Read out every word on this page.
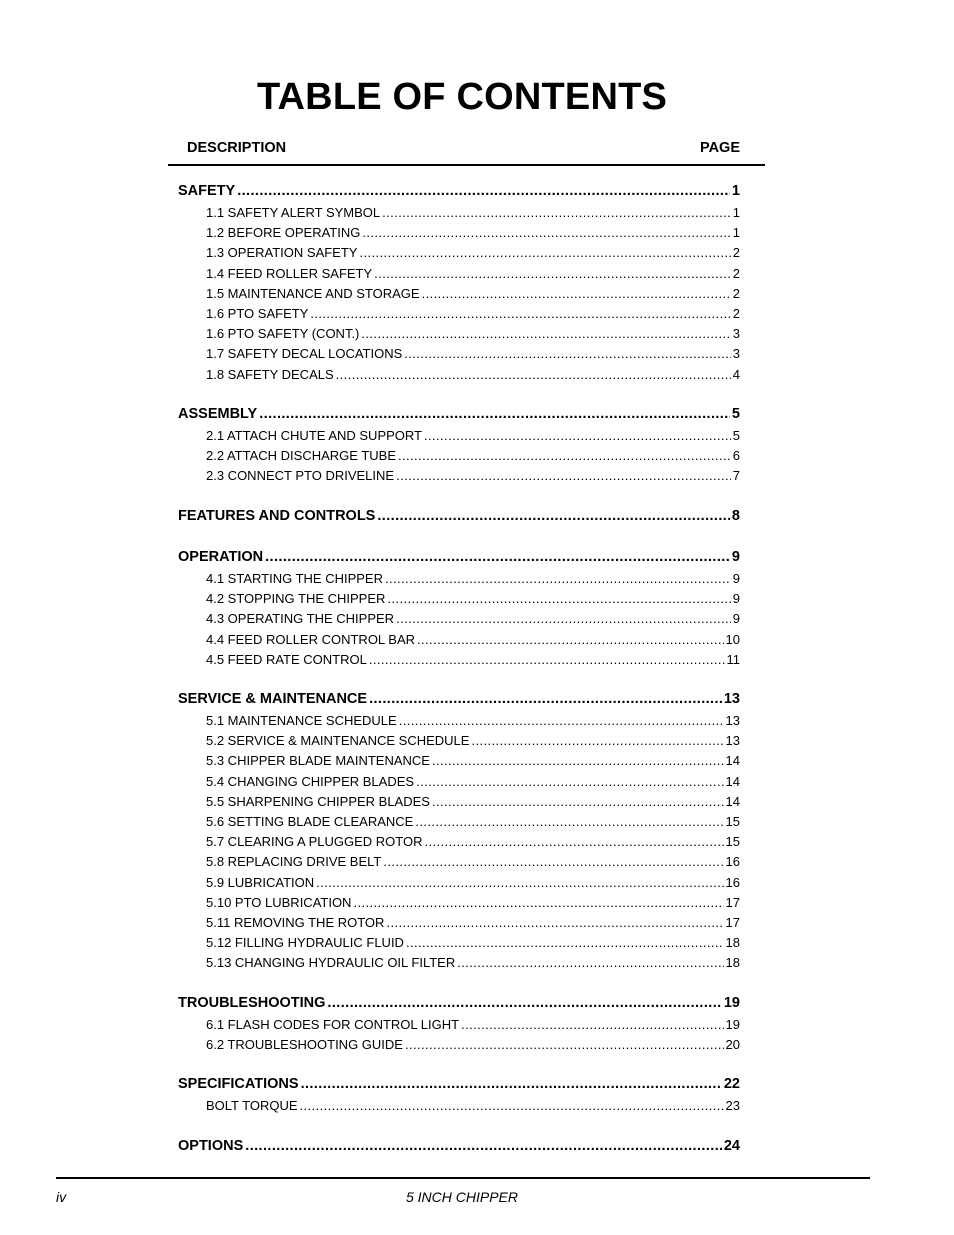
TABLE OF CONTENTS
DESCRIPTION	PAGE
SAFETY .....	1
1.1 SAFETY ALERT SYMBOL .....	1
1.2 BEFORE OPERATING .....	1
1.3 OPERATION SAFETY .....	2
1.4 FEED ROLLER SAFETY .....	2
1.5 MAINTENANCE AND STORAGE .....	2
1.6 PTO SAFETY .....	2
1.6 PTO SAFETY (CONT.) .....	3
1.7 SAFETY DECAL LOCATIONS .....	3
1.8 SAFETY DECALS .....	4
ASSEMBLY .....	5
2.1 ATTACH CHUTE AND SUPPORT .....	5
2.2 ATTACH DISCHARGE TUBE .....	6
2.3 CONNECT PTO DRIVELINE .....	7
FEATURES AND CONTROLS .....	8
OPERATION .....	9
4.1 STARTING THE CHIPPER .....	9
4.2 STOPPING THE CHIPPER .....	9
4.3 OPERATING THE CHIPPER .....	9
4.4 FEED ROLLER CONTROL BAR .....	10
4.5 FEED RATE CONTROL .....	11
SERVICE & MAINTENANCE .....	13
5.1 MAINTENANCE SCHEDULE .....	13
5.2 SERVICE & MAINTENANCE SCHEDULE .....	13
5.3 CHIPPER BLADE MAINTENANCE .....	14
5.4 CHANGING CHIPPER BLADES .....	14
5.5 SHARPENING CHIPPER BLADES .....	14
5.6 SETTING BLADE CLEARANCE .....	15
5.7 CLEARING A PLUGGED ROTOR .....	15
5.8 REPLACING DRIVE BELT .....	16
5.9 LUBRICATION .....	16
5.10 PTO LUBRICATION .....	17
5.11 REMOVING THE ROTOR .....	17
5.12 FILLING HYDRAULIC FLUID .....	18
5.13 CHANGING HYDRAULIC OIL FILTER .....	18
TROUBLESHOOTING .....	19
6.1 FLASH CODES FOR CONTROL LIGHT .....	19
6.2 TROUBLESHOOTING GUIDE .....	20
SPECIFICATIONS .....	22
BOLT TORQUE .....	23
OPTIONS .....	24
iv	5 INCH CHIPPER
